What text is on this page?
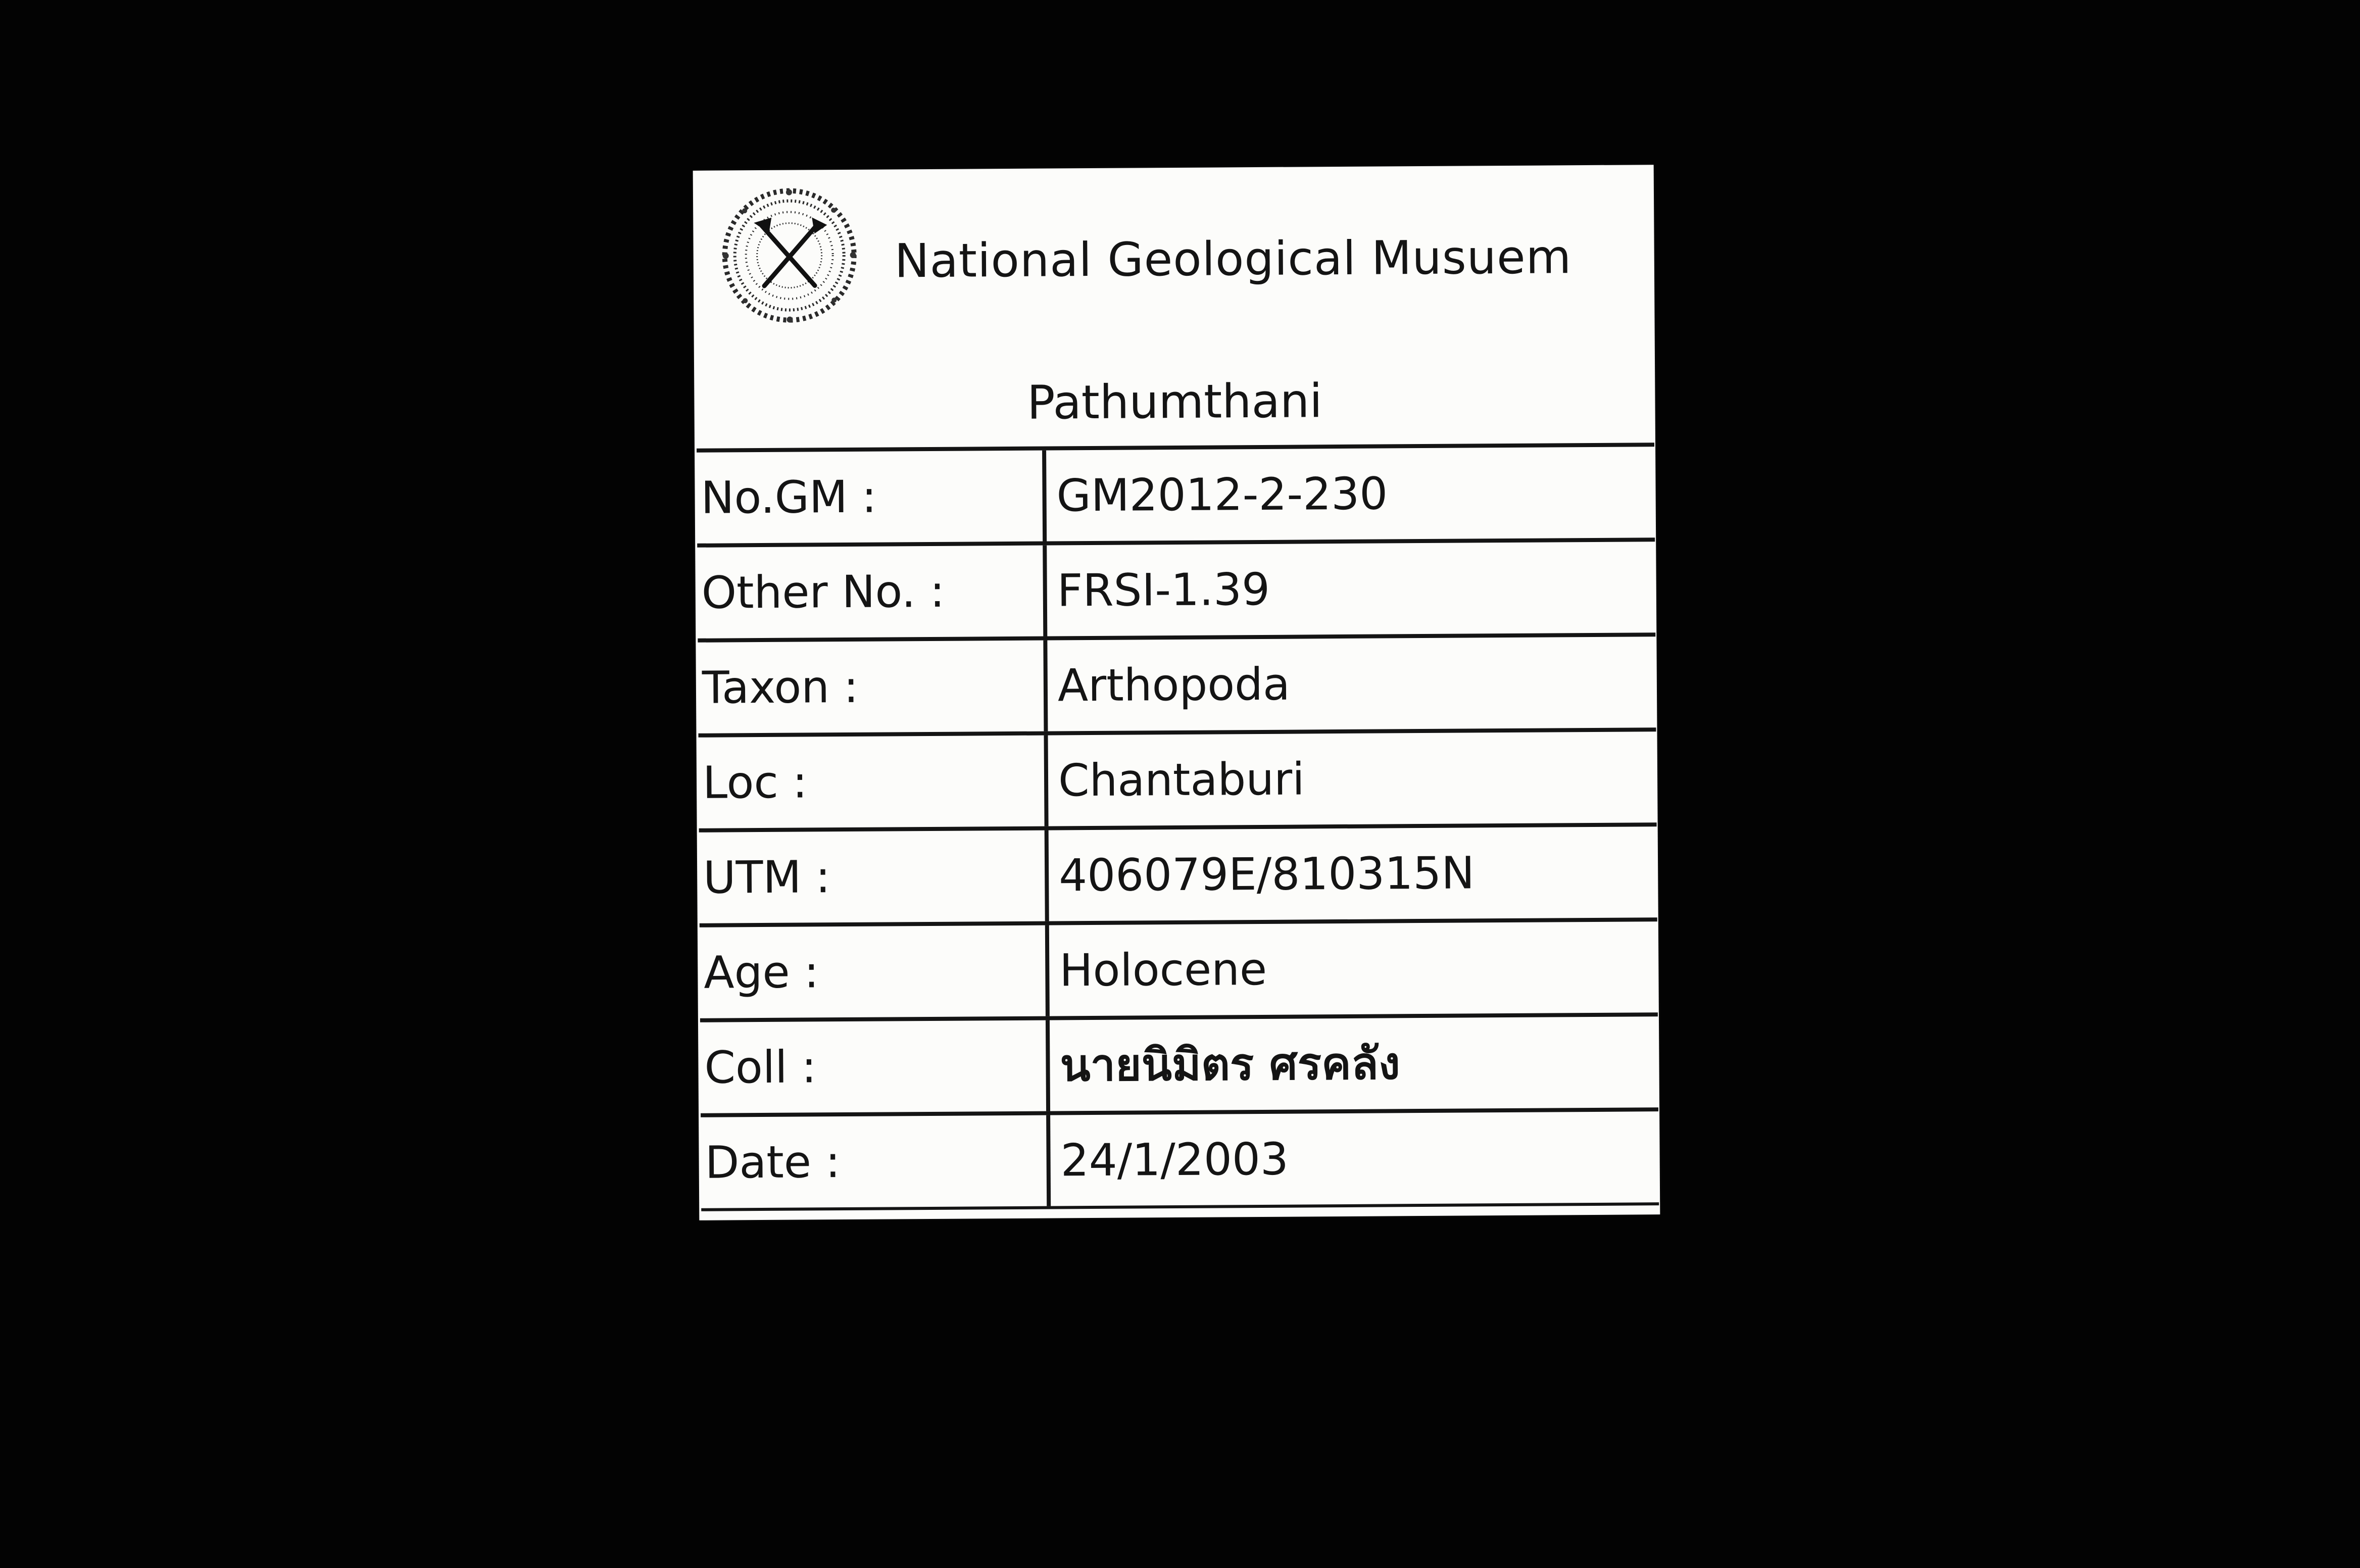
National Geological Musuem
Pathumthani
No.GM :	GM2012-2-230
Other No. :	FRSI-1.39
Taxon :	Arthopoda
Loc :	Chantaburi
UTM :	406079E/810315N
Age :	Holocene
Coll :	นายนิมิตร ศรคลัง
Date :	24/1/2003
